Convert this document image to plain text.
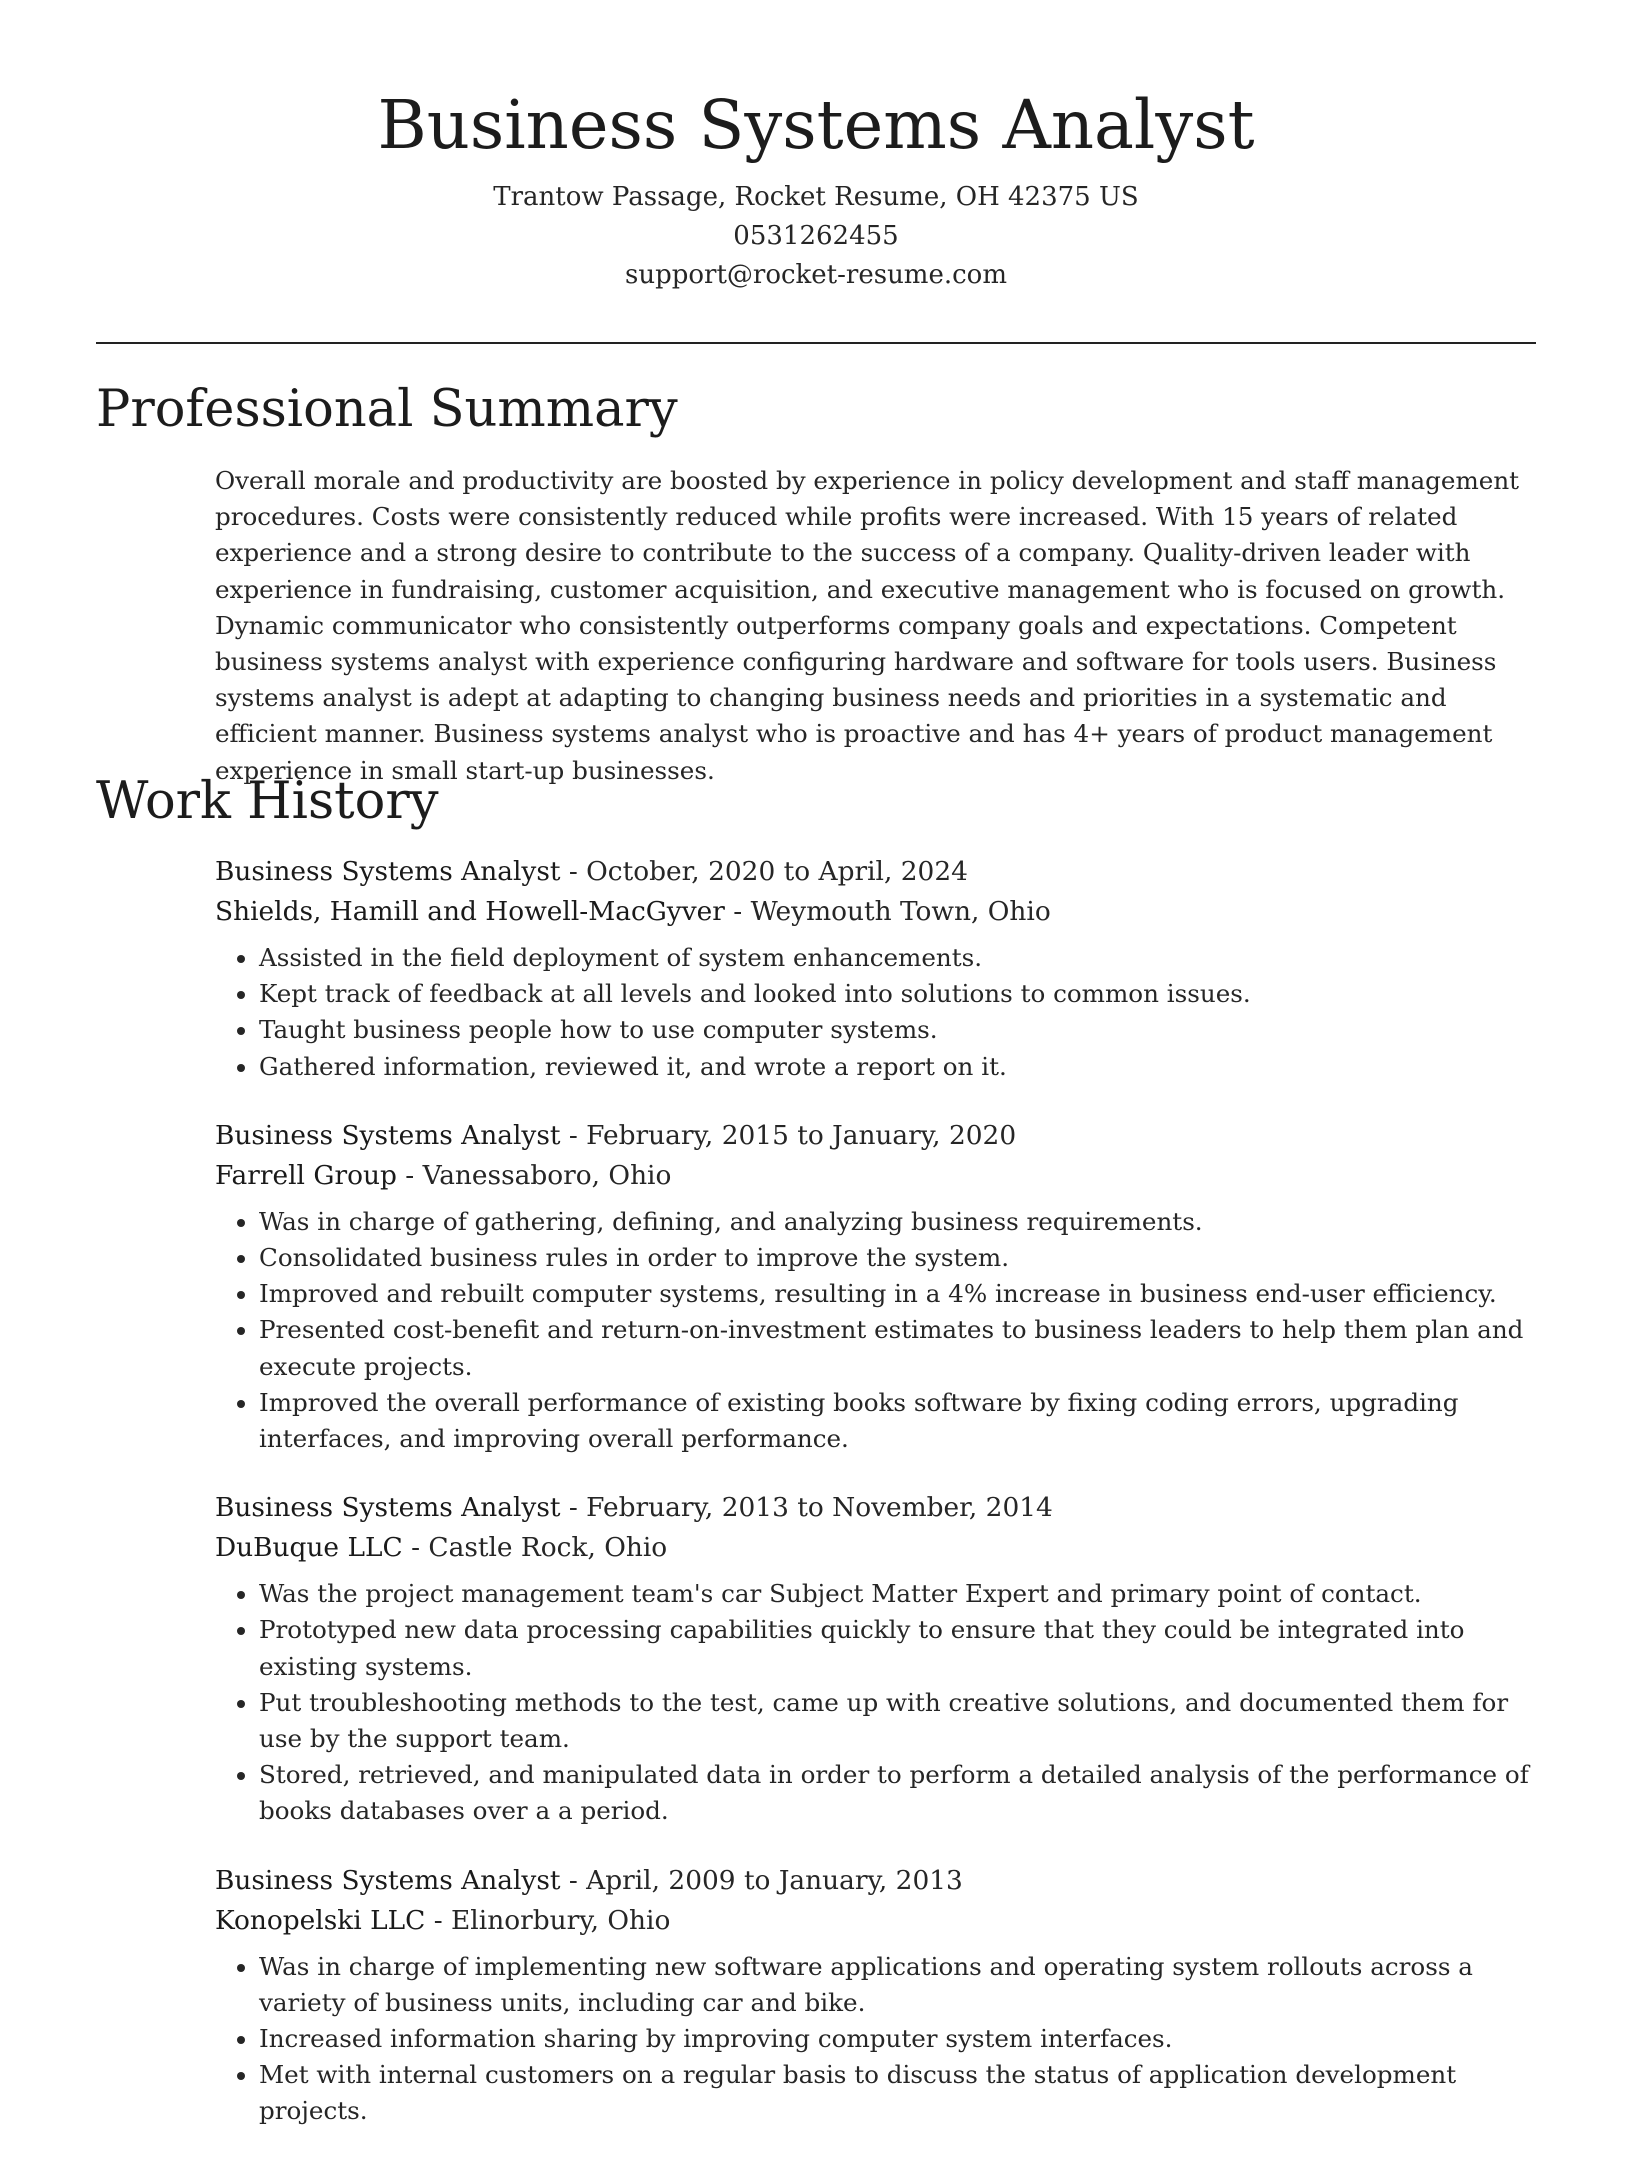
Business Systems Analyst
Trantow Passage, Rocket Resume, OH 42375 US
0531262455
support@rocket-resume.com
Professional Summary

Overall morale and productivity are boosted by experience in policy development and staff management procedures. Costs were consistently reduced while profits were increased. With 15 years of related experience and a strong desire to contribute to the success of a company. Quality-driven leader with experience in fundraising, customer acquisition, and executive management who is focused on growth. Dynamic communicator who consistently outperforms company goals and expectations. Competent business systems analyst with experience configuring hardware and software for tools users. Business systems analyst is adept at adapting to changing business needs and priorities in a systematic and efficient manner. Business systems analyst who is proactive and has 4+ years of product management experience in small start-up businesses.

Work History
Business Systems Analyst - October, 2020 to April, 2024
Shields, Hamill and Howell-MacGyver - Weymouth Town, Ohio
• Assisted in the field deployment of system enhancements.
• Kept track of feedback at all levels and looked into solutions to common issues.
• Taught business people how to use computer systems.
• Gathered information, reviewed it, and wrote a report on it.
Business Systems Analyst - February, 2015 to January, 2020
Farrell Group - Vanessaboro, Ohio
• Was in charge of gathering, defining, and analyzing business requirements.
• Consolidated business rules in order to improve the system.
• Improved and rebuilt computer systems, resulting in a 4% increase in business end-user efficiency.
• Presented cost-benefit and return-on-investment estimates to business leaders to help them plan and execute projects.
• Improved the overall performance of existing books software by fixing coding errors, upgrading interfaces, and improving overall performance.
Business Systems Analyst - February, 2013 to November, 2014
DuBuque LLC - Castle Rock, Ohio
• Was the project management team's car Subject Matter Expert and primary point of contact.
• Prototyped new data processing capabilities quickly to ensure that they could be integrated into existing systems.
• Put troubleshooting methods to the test, came up with creative solutions, and documented them for use by the support team.
• Stored, retrieved, and manipulated data in order to perform a detailed analysis of the performance of books databases over a a period.
Business Systems Analyst - April, 2009 to January, 2013
Konopelski LLC - Elinorbury, Ohio
• Was in charge of implementing new software applications and operating system rollouts across a variety of business units, including car and bike.
• Increased information sharing by improving computer system interfaces.
• Met with internal customers on a regular basis to discuss the status of application development projects.
